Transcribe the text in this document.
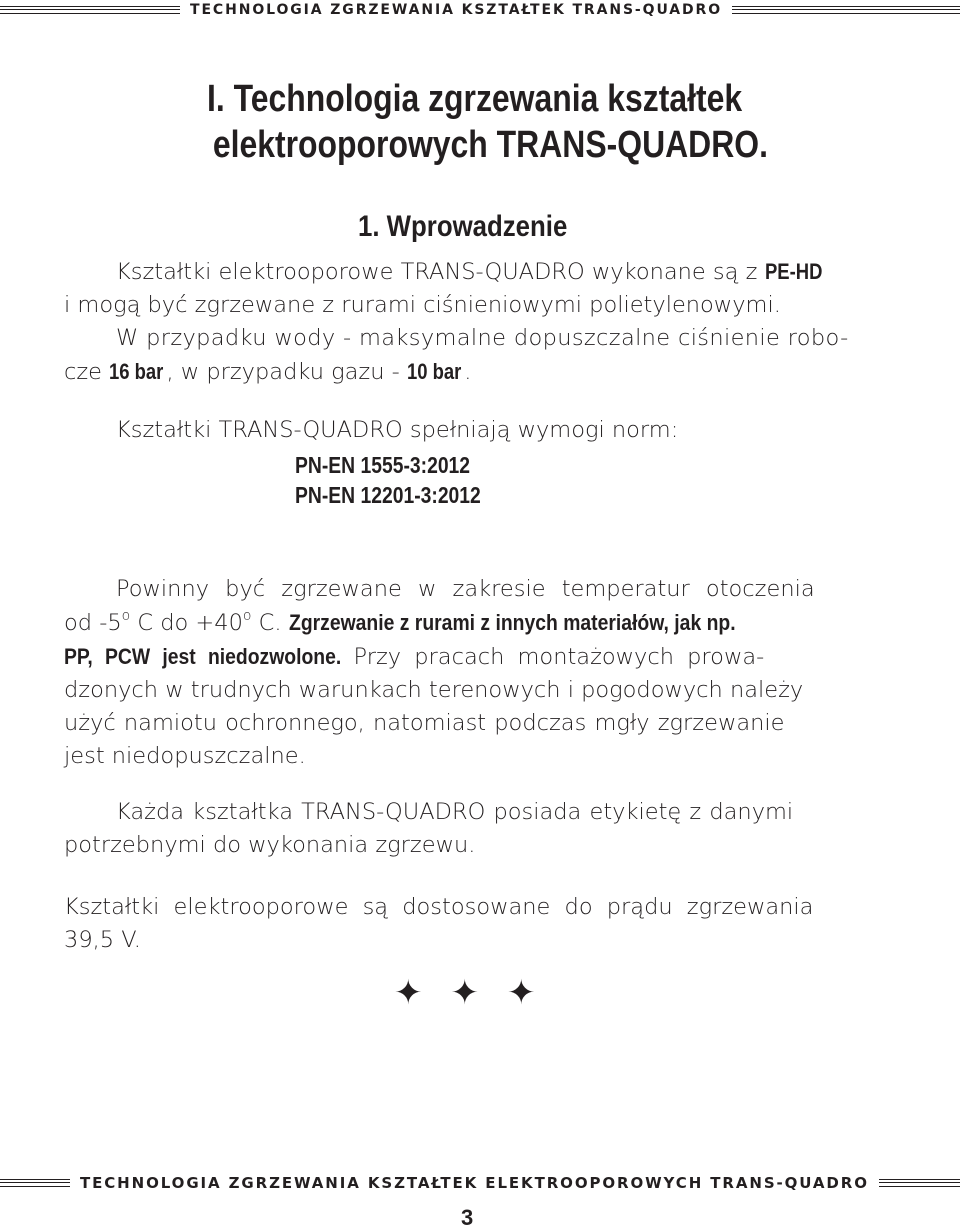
TECHNOLOGIA ZGRZEWANIA KSZTAŁTEK TRANS-QUADRO
I. Technologia zgrzewania kształtek
elektrooporowych TRANS-QUADRO.
1. Wprowadzenie
Kształtki elektrooporowe TRANS-QUADRO wykonane są z PE-HD
i mogą być zgrzewane z rurami ciśnieniowymi polietylenowymi.
W przypadku wody - maksymalne dopuszczalne ciśnienie robo-
cze 16 bar , w przypadku gazu - 10 bar .
Kształtki TRANS-QUADRO spełniają wymogi norm:
PN-EN 1555-3:2012
PN-EN 12201-3:2012
Powinny być zgrzewane w zakresie temperatur otoczenia
od -5$^o$ C do $+40^o$ C. Zgrzewanie z rurami z innych materiałów, jak np.
PP, PCW jest niedozwolone. Przy pracach montażowych prowa-
dzonych w trudnych warunkach terenowych i pogodowych należy
użyć namiotu ochronnego, natomiast podczas mgły zgrzewanie
jest niedopuszczalne.
Każda kształtka TRANS-QUADRO posiada etykietę z danymi
potrzebnymi do wykonania zgrzewu.
Kształtki elektrooporowe są dostosowane do prądu zgrzewania
39,5 V.
✦✦✦
TECHNOLOGIA ZGRZEWANIA KSZTAŁTEK ELEKTROOPOROWYCH TRANS-QUADRO
3
